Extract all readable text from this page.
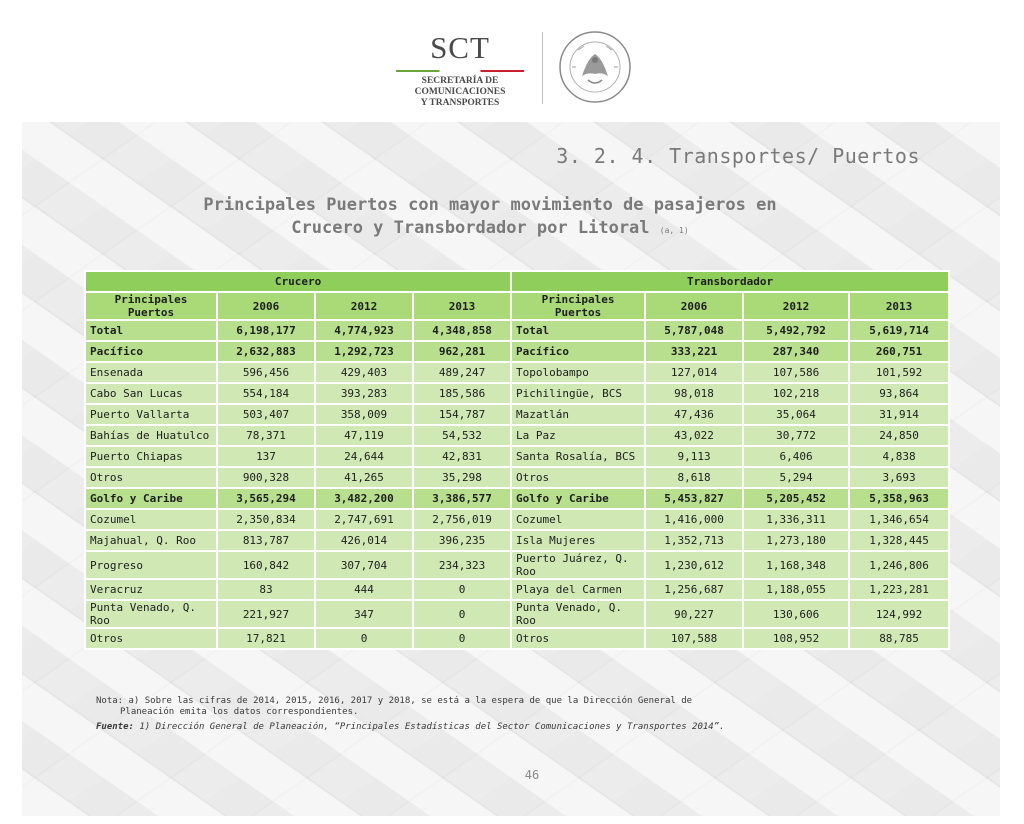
SCT
SECRETARÍA DE
COMUNICACIONES
Y TRANSPORTES
3. 2. 4. Transportes/ Puertos
Principales Puertos con mayor movimiento de pasajeros en
Crucero y Transbordador por Litoral (a, 1)
Crucero				Transbordador			
Principales Puertos	2006	2012	2013	Principales Puertos	2006	2012	2013
Total	6,198,177	4,774,923	4,348,858	Total	5,787,048	5,492,792	5,619,714
Pacífico	2,632,883	1,292,723	962,281	Pacífico	333,221	287,340	260,751
Ensenada	596,456	429,403	489,247	Topolobampo	127,014	107,586	101,592
Cabo San Lucas	554,184	393,283	185,586	Pichilingüe, BCS	98,018	102,218	93,864
Puerto Vallarta	503,407	358,009	154,787	Mazatlán	47,436	35,064	31,914
Bahías de Huatulco	78,371	47,119	54,532	La Paz	43,022	30,772	24,850
Puerto Chiapas	137	24,644	42,831	Santa Rosalía, BCS	9,113	6,406	4,838
Otros	900,328	41,265	35,298	Otros	8,618	5,294	3,693
Golfo y Caribe	3,565,294	3,482,200	3,386,577	Golfo y Caribe	5,453,827	5,205,452	5,358,963
Cozumel	2,350,834	2,747,691	2,756,019	Cozumel	1,416,000	1,336,311	1,346,654
Majahual, Q. Roo	813,787	426,014	396,235	Isla Mujeres	1,352,713	1,273,180	1,328,445
Progreso	160,842	307,704	234,323	Puerto Juárez, Q. Roo	1,230,612	1,168,348	1,246,806
Veracruz	83	444	0	Playa del Carmen	1,256,687	1,188,055	1,223,281
Punta Venado, Q. Roo	221,927	347	0	Punta Venado, Q. Roo	90,227	130,606	124,992
Otros	17,821	0	0	Otros	107,588	108,952	88,785
Nota: a) Sobre las cifras de 2014, 2015, 2016, 2017 y 2018, se está a la espera de que la Dirección General de
Planeación emita los datos correspondientes.
Fuente: 1) Dirección General de Planeación, “Principales Estadísticas del Sector Comunicaciones y Transportes 2014”.
46
